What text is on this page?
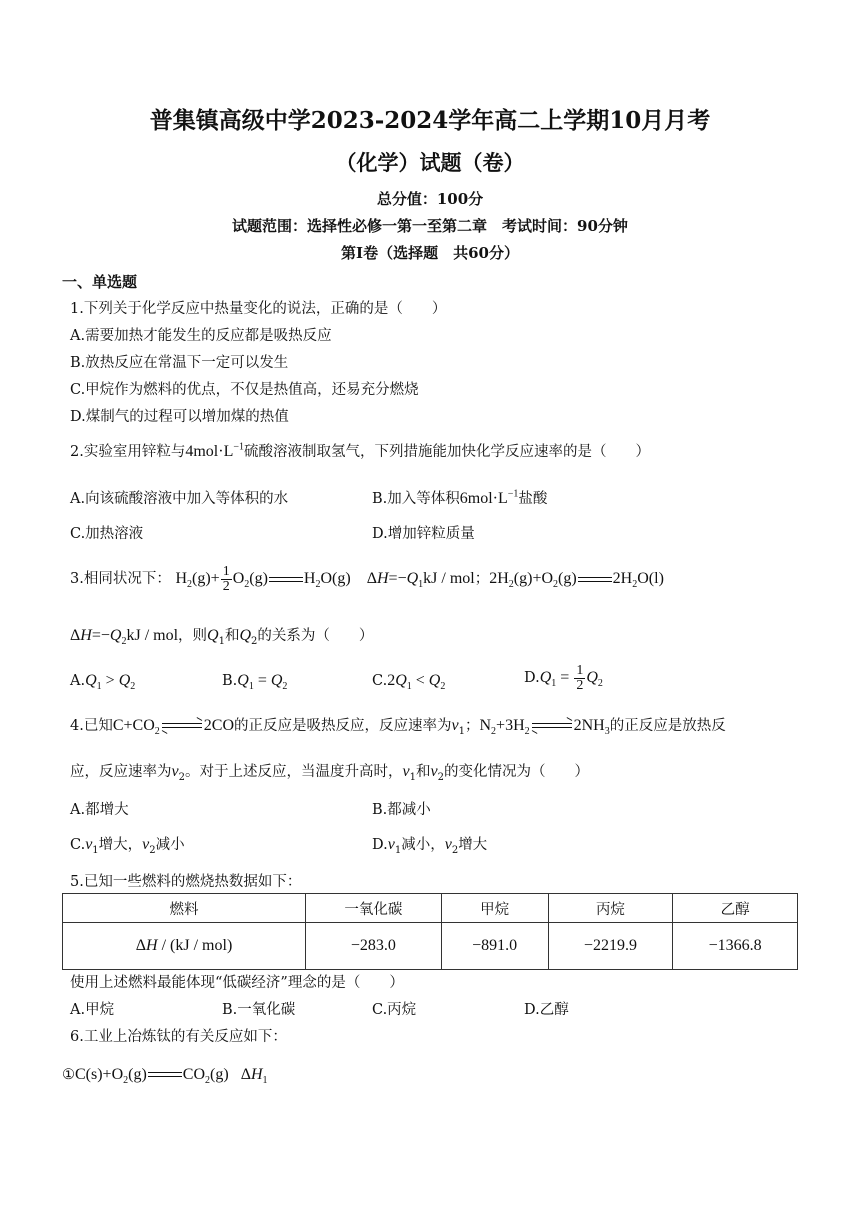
普集镇高级中学2023-2024学年高二上学期10月月考
（化学）试题（卷）
总分值：100分
试题范围：选择性必修一第一至第二章　考试时间：90分钟
第I卷（选择题　共60分）
一、单选题
1.下列关于化学反应中热量变化的说法，正确的是（　　）
A.需要加热才能发生的反应都是吸热反应
B.放热反应在常温下一定可以发生
C.甲烷作为燃料的优点，不仅是热值高，还易充分燃烧
D.煤制气的过程可以增加煤的热值
2.实验室用锌粒与$4mol\cdot L^{-1}$硫酸溶液制取氢气，下列措施能加快化学反应速率的是（　　）
A.向该硫酸溶液中加入等体积的水	B.加入等体积$6mol\cdot L^{-1}$盐酸
C.加热溶液	D.增加锌粒质量
3.相同状况下： $H_2(g)+ \frac{1}{2} O_2(g)$ $H_2O(g)$    $\Delta H=-Q_1kJ$ / mol；$2H_2(g)+O_2(g)$ $2H_2O(l)$
$\Delta H=-Q_2kJ$ / mol，则$Q_1$和$Q_2$的关系为（　　）
$A.Q_1 > Q_2$	$B.Q_1 = Q_2$	$C.2Q_1 < Q_2$
$D.Q_1 = \frac{1}{2} Q_2$
4.已知$C+CO_2$	2CO的正反应是吸热反应，反应速率为$v_1$；$N_2+3H_2$	$2NH_3$的正反应是放热反
应，反应速率为$v_2$。对于上述反应，当温度升高时，$v_1$和$v_2$的变化情况为（　　）
A.都增大	B.都减小
$C.v_1$增大，$v_2$减小	$D.v_1$减小，$v_2$增大
5.已知一些燃料的燃烧热数据如下：
燃料	一氧化碳	甲烷	丙烷	乙醇
ΔH / (kJ / mol)	−283.0	−891.0	−2219.9	−1366.8
使用上述燃料最能体现“低碳经济”理念的是（　　）
A.甲烷	B.一氧化碳	C.丙烷	D.乙醇
6.工业上冶炼钛的有关反应如下：
$①C(s)+O_2(g)$ $CO_2(g)$   $\Delta H_1$
